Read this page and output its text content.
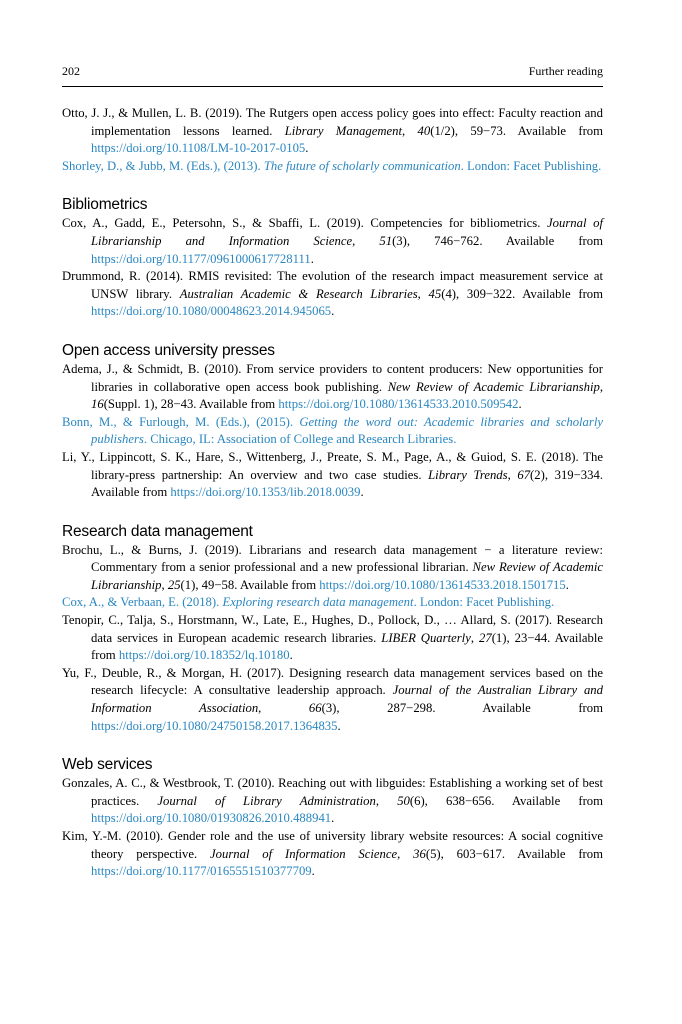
202	Further reading
Otto, J. J., & Mullen, L. B. (2019). The Rutgers open access policy goes into effect: Faculty reaction and implementation lessons learned. Library Management, 40(1/2), 59−73. Available from https://doi.org/10.1108/LM-10-2017-0105.
Shorley, D., & Jubb, M. (Eds.), (2013). The future of scholarly communication. London: Facet Publishing.
Bibliometrics
Cox, A., Gadd, E., Petersohn, S., & Sbaffi, L. (2019). Competencies for bibliometrics. Journal of Librarianship and Information Science, 51(3), 746−762. Available from https://doi.org/10.1177/0961000617728111.
Drummond, R. (2014). RMIS revisited: The evolution of the research impact measurement service at UNSW library. Australian Academic & Research Libraries, 45(4), 309−322. Available from https://doi.org/10.1080/00048623.2014.945065.
Open access university presses
Adema, J., & Schmidt, B. (2010). From service providers to content producers: New opportunities for libraries in collaborative open access book publishing. New Review of Academic Librarianship, 16(Suppl. 1), 28−43. Available from https://doi.org/10.1080/13614533.2010.509542.
Bonn, M., & Furlough, M. (Eds.), (2015). Getting the word out: Academic libraries and scholarly publishers. Chicago, IL: Association of College and Research Libraries.
Li, Y., Lippincott, S. K., Hare, S., Wittenberg, J., Preate, S. M., Page, A., & Guiod, S. E. (2018). The library-press partnership: An overview and two case studies. Library Trends, 67(2), 319−334. Available from https://doi.org/10.1353/lib.2018.0039.
Research data management
Brochu, L., & Burns, J. (2019). Librarians and research data management − a literature review: Commentary from a senior professional and a new professional librarian. New Review of Academic Librarianship, 25(1), 49−58. Available from https://doi.org/10.1080/13614533.2018.1501715.
Cox, A., & Verbaan, E. (2018). Exploring research data management. London: Facet Publishing.
Tenopir, C., Talja, S., Horstmann, W., Late, E., Hughes, D., Pollock, D., … Allard, S. (2017). Research data services in European academic research libraries. LIBER Quarterly, 27(1), 23−44. Available from https://doi.org/10.18352/lq.10180.
Yu, F., Deuble, R., & Morgan, H. (2017). Designing research data management services based on the research lifecycle: A consultative leadership approach. Journal of the Australian Library and Information Association, 66(3), 287−298. Available from https://doi.org/10.1080/24750158.2017.1364835.
Web services
Gonzales, A. C., & Westbrook, T. (2010). Reaching out with libguides: Establishing a working set of best practices. Journal of Library Administration, 50(6), 638−656. Available from https://doi.org/10.1080/01930826.2010.488941.
Kim, Y.-M. (2010). Gender role and the use of university library website resources: A social cognitive theory perspective. Journal of Information Science, 36(5), 603−617. Available from https://doi.org/10.1177/0165551510377709.
